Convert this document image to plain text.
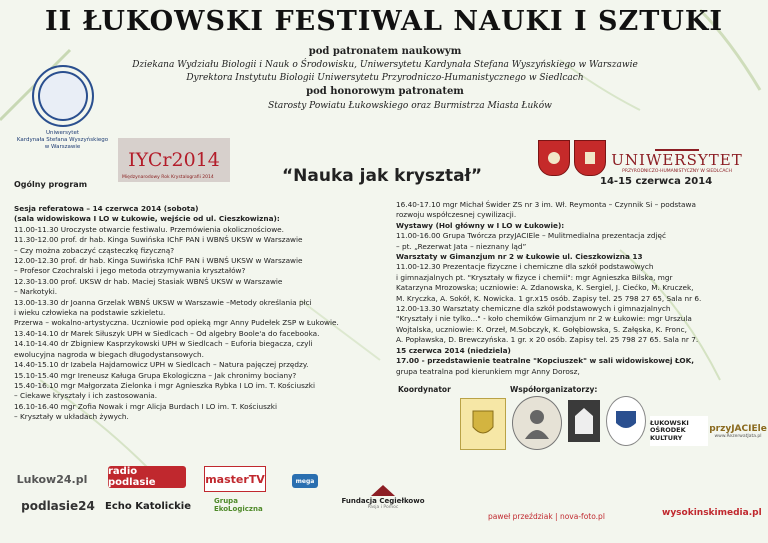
II ŁUKOWSKI FESTIWAL NAUKI I SZTUKI
pod patronatem naukowym
Dziekana Wydziału Biologii i Nauk o Środowisku, Uniwersytetu Kardynała Stefana Wyszyńskiego w Warszawie
Dyrektora Instytutu Biologii Uniwersytetu Przyrodniczo-Humanistycznego w Siedlcach
pod honorowym patronatem
Starosty Powiatu Łukowskiego oraz Burmistrza Miasta Łuków
Uniwersytet
Kardynała Stefana Wyszyńskiego
w Warszawie
IYCr2014
Międzynarodowy Rok Krystalografii 2014
UNIWERSYTET
PRZYRODNICZO-HUMANISTYCZNY W SIEDLCACH
Ogólny program	“Nauka jak kryształ”	14-15 czerwca 2014
Sesja referatowa – 14 czerwca 2014 (sobota)
(sala widowiskowa I LO w Łukowie, wejście od ul. Cieszkowizna):
11.00-11.30 Uroczyste otwarcie festiwalu. Przemówienia okolicznościowe.
11.30-12.00 prof. dr hab. Kinga Suwińska IChF PAN i WBNŚ UKSW w Warszawie
– Czy można zobaczyć cząsteczkę fizyczną?
12.00-12.30 prof. dr hab. Kinga Suwińska IChF PAN i WBNŚ UKSW w Warszawie
– Profesor Czochralski i jego metoda otrzymywania kryształów?
12.30-13.00 prof. UKSW dr hab. Maciej Stasiak WBNŚ UKSW w Warszawie
– Narkotyki.
13.00-13.30 dr Joanna Grzelak WBNŚ UKSW w Warszawie –Metody określania płci
i wieku człowieka na podstawie szkieletu.
Przerwa – wokalno-artystyczna. Uczniowie pod opieką mgr Anny Pudełek ZSP w Łukowie.
13.40-14.10 dr Marek Siłuszyk UPH w Siedlcach – Od algebry Boole'a do facebooka.
14.10-14.40 dr Zbigniew Kasprzykowski UPH w Siedlcach – Euforia biegacza, czyli
ewolucyjna nagroda w biegach długodystansowych.
14.40-15.10 dr Izabela Hajdamowicz UPH w Siedlcach – Natura pajęczej przędzy.
15.10-15.40 mgr Ireneusz Kaługa Grupa Ekologiczna – Jak chronimy bociany?
15.40-16.10 mgr Małgorzata Zielonka i mgr Agnieszka Rybka I LO im. T. Kościuszki
– Ciekawe kryształy i ich zastosowania.
16.10-16.40 mgr Zofia Nowak i mgr Alicja Burdach I LO im. T. Kościuszki
– Kryształy w układach żywych.
16.40-17.10 mgr Michał Świder ZS nr 3 im. Wł. Reymonta – Czynnik Si – podstawa
rozwoju współczesnej cywilizacji.
Wystawy (Hol główny w I LO w Łukowie):
11.00-16.00 Grupa Twórcza przyJACIEle – Mulitmedialna prezentacja zdjęć
– pt. „Rezerwat Jata – nieznany ląd”
Warsztaty w Gimanzjum nr 2 w Łukowie ul. Cieszkowizna 13
11.00-12.30 Prezentacje fizyczne i chemiczne dla szkół podstawowych
i gimnazjalnych pt. "Kryształy w fizyce i chemii": mgr Agnieszka Bilska, mgr
Katarzyna Mrozowska; uczniowie: A. Zdanowska, K. Sergiel, J. Ciećko, M. Kruczek,
M. Kryczka, A. Sokół, K. Nowicka. 1 gr.x15 osób. Zapisy tel. 25 798 27 65, Sala nr 6.
12.00-13.30 Warsztaty chemiczne dla szkół podstawowych i gimnazjalnych
"Kryształy i nie tylko..." - koło chemików Gimanzjum nr 2 w Łukowie: mgr Urszula
Wojtalska, uczniowie: K. Orzeł, M.Sobczyk, K. Gołębiowska, S. Załęska, K. Fronc,
A. Popławska, D. Brewczyńska. 1 gr. x 20 osób. Zapisy tel. 25 798 27 65. Sala nr 7.
15 czerwca 2014 (niedziela)
17.00 - przedstawienie teatralne "Kopciuszek" w sali widowiskowej ŁOK,
grupa teatralna pod kierunkiem mgr Anny Dorosz,
Koordynator	Współorganizatorzy:
ŁUKOWSKI OŚRODEK KULTURY
przyJACIEle
www.RezerwatJata.pl
Lukow24.pl
radio podlasie	masterTV	mega
podlasie24 Echo Katolickie	Grupa EkoLogiczna
Fundacja Cegiełkowo
Pasja i Pomoc
paweł przeździak | nova-foto.pl	wysokinskimedia.pl
